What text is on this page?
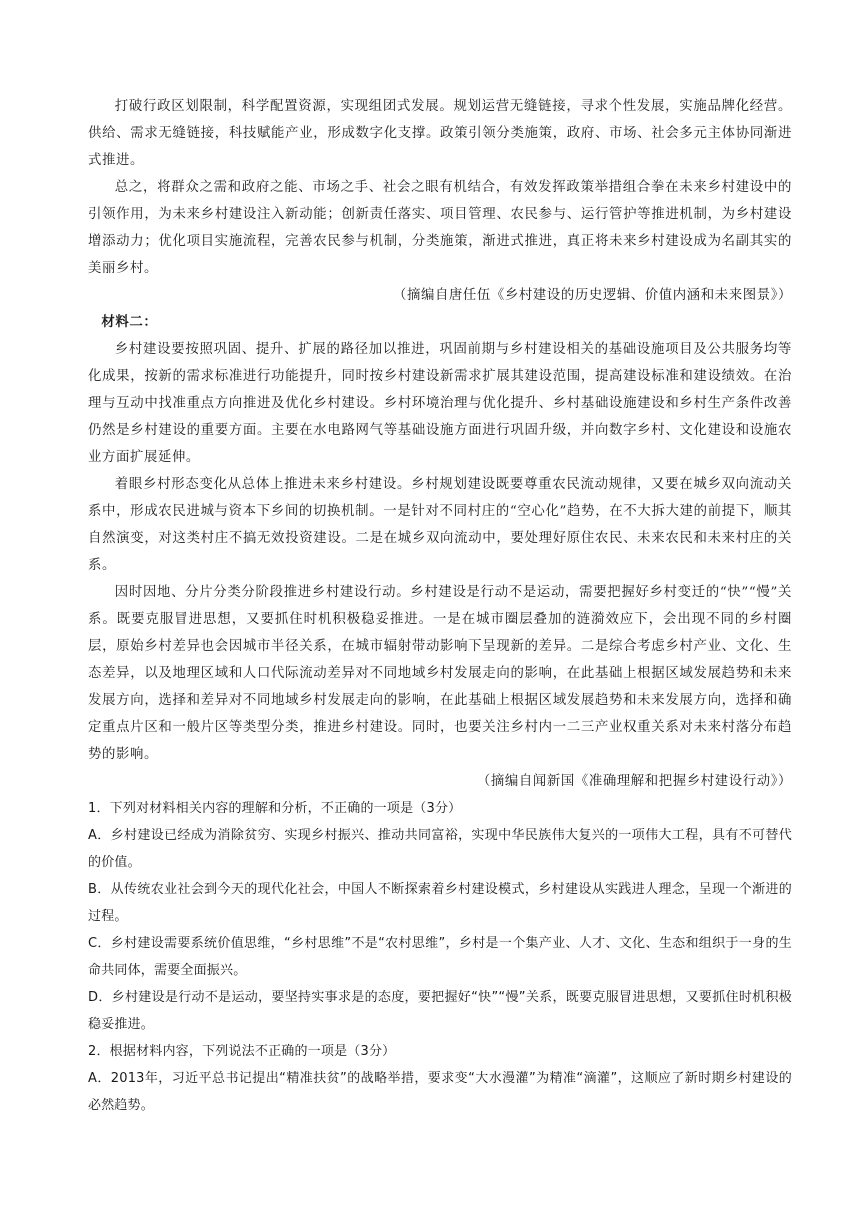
打破行政区划限制，科学配置资源，实现组团式发展。规划运营无缝链接，寻求个性发展，实施品牌化经营。供给、需求无缝链接，科技赋能产业，形成数字化支撑。政策引领分类施策，政府、市场、社会多元主体协同渐进式推进。

总之，将群众之需和政府之能、市场之手、社会之眼有机结合，有效发挥政策举措组合拳在未来乡村建设中的引领作用，为未来乡村建设注入新动能；创新责任落实、项目管理、农民参与、运行管护等推进机制，为乡村建设增添动力；优化项目实施流程，完善农民参与机制，分类施策，渐进式推进，真正将未来乡村建设成为名副其实的美丽乡村。

（摘编自唐任伍《乡村建设的历史逻辑、价值内涵和未来图景》）

材料二：

乡村建设要按照巩固、提升、扩展的路径加以推进，巩固前期与乡村建设相关的基础设施项目及公共服务均等化成果，按新的需求标准进行功能提升，同时按乡村建设新需求扩展其建设范围，提高建设标准和建设绩效。在治理与互动中找准重点方向推进及优化乡村建设。乡村环境治理与优化提升、乡村基础设施建设和乡村生产条件改善仍然是乡村建设的重要方面。主要在水电路网气等基础设施方面进行巩固升级，并向数字乡村、文化建设和设施农业方面扩展延伸。

着眼乡村形态变化从总体上推进未来乡村建设。乡村规划建设既要尊重农民流动规律，又要在城乡双向流动关系中，形成农民进城与资本下乡间的切换机制。一是针对不同村庄的“空心化”趋势，在不大拆大建的前提下，顺其自然演变，对这类村庄不搞无效投资建设。二是在城乡双向流动中，要处理好原住农民、未来农民和未来村庄的关系。

因时因地、分片分类分阶段推进乡村建设行动。乡村建设是行动不是运动，需要把握好乡村变迁的“快”“慢”关系。既要克服冒进思想，又要抓住时机积极稳妥推进。一是在城市圈层叠加的涟漪效应下，会出现不同的乡村圈层，原始乡村差异也会因城市半径关系，在城市辐射带动影响下呈现新的差异。二是综合考虑乡村产业、文化、生态差异，以及地理区域和人口代际流动差异对不同地域乡村发展走向的影响，在此基础上根据区域发展趋势和未来发展方向，选择和差异对不同地域乡村发展走向的影响，在此基础上根据区域发展趋势和未来发展方向，选择和确定重点片区和一般片区等类型分类，推进乡村建设。同时，也要关注乡村内一二三产业权重关系对未来村落分布趋势的影响。

（摘编自闻新国《准确理解和把握乡村建设行动》）

1．下列对材料相关内容的理解和分析，不正确的一项是（3分）

A．乡村建设已经成为消除贫穷、实现乡村振兴、推动共同富裕，实现中华民族伟大复兴的一项伟大工程，具有不可替代的价值。

B．从传统农业社会到今天的现代化社会，中国人不断探索着乡村建设模式，乡村建设从实践进人理念，呈现一个渐进的过程。

C．乡村建设需要系统价值思维，“乡村思维”不是“农村思维”，乡村是一个集产业、人才、文化、生态和组织于一身的生命共同体，需要全面振兴。

D．乡村建设是行动不是运动，要坚持实事求是的态度，要把握好“快”“慢”关系，既要克服冒进思想，又要抓住时机积极稳妥推进。

2．根据材料内容，下列说法不正确的一项是（3分）

A．2013年，习近平总书记提出“精准扶贫”的战略举措，要求变“大水漫灌”为精准“滴灌”，这顺应了新时期乡村建设的必然趋势。
